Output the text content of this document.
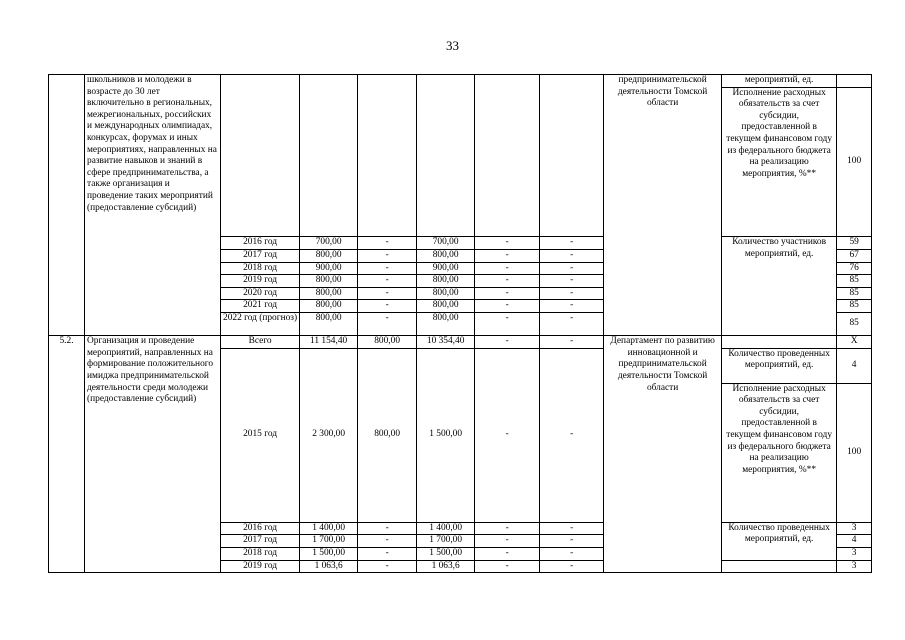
33
	школьников и молодежи в возрасте до 30 лет включительно в региональных, межрегиональных, российских и международных олимпиадах, конкурсах, форумах и иных мероприятиях, направленных на развитие навыков и знаний в сфере предпринимательства, а также организация и проведение таких мероприятий (предоставление субсидий)							предпринимательской деятельности Томской области	мероприятий, ед.	
									Исполнение расходных обязательств за счет субсидии, предоставленной в текущем финансовом году из федерального бюджета на реализацию мероприятия, %**	100
		2016 год	700,00	-	700,00	-	-		Количество участников мероприятий, ед.	59
		2017 год	800,00	-	800,00	-	-			67
		2018 год	900,00	-	900,00	-	-			76
		2019 год	800,00	-	800,00	-	-			85
		2020 год	800,00	-	800,00	-	-			85
		2021 год	800,00	-	800,00	-	-			85
		2022 год (прогноз)	800,00	-	800,00	-	-			85
5.2.	Организация и проведение мероприятий, направленных на формирование положительного имиджа предпринимательской деятельности среди молодежи (предоставление субсидий)	Всего	11 154,40	800,00	10 354,40	-	-	Департамент по развитию инновационной и предпринимательской деятельности Томской области		X
		2015 год	2 300,00	800,00	1 500,00	-	-		Количество проведенных мероприятий, ед.	4
									Исполнение расходных обязательств за счет субсидии, предоставленной в текущем финансовом году из федерального бюджета на реализацию мероприятия, %**	100
		2016 год	1 400,00	-	1 400,00	-	-		Количество проведенных мероприятий, ед.	3
		2017 год	1 700,00	-	1 700,00	-	-			4
		2018 год	1 500,00	-	1 500,00	-	-			3
		2019 год	1 063,6	-	1 063,6	-	-			3
